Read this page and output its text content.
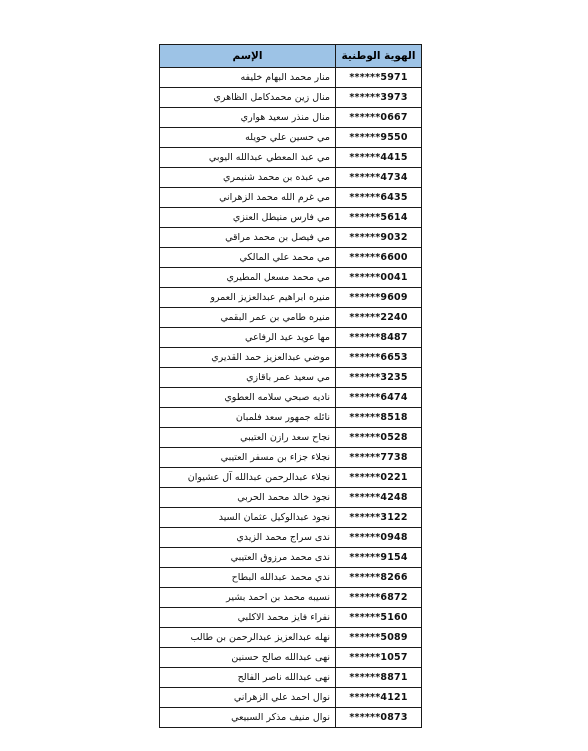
الهوية الوطنية	الإسم
******5971	منار محمد البهام خليفه
******3973	منال زين محمدكامل الظاهري
******0667	منال منذر سعيد هواري
******9550	مي حسين علي حويله
******4415	مي عبد المعطي عبدالله اليوبي
******4734	مي عبده بن محمد شنيمري
******6435	مي غرم الله محمد الزهراني
******5614	مي فارس منيطل العنزي
******9032	مي فيصل بن محمد مراقي
******6600	مي محمد علي المالكي
******0041	مي محمد مسعل المطيري
******9609	منيره ابراهيم عبدالعزيز العمرو
******2240	منيره طامي بن عمر البقمي
******8487	مها عويد عيد الرفاعي
******6653	موضي عبدالعزيز حمد القديري
******3235	مي سعيد عمر باقازي
******6474	ناديه صبحي سلامه العطوي
******8518	نائله جمهور سعد فلمبان
******0528	نجاح سعد رازن العتيبي
******7738	نجلاء جزاء بن مسفر العتيبي
******0221	نجلاء عبدالرحمن عبدالله آل عشيوان
******4248	نجود خالد محمد الحربي
******3122	نجود عبدالوكيل عثمان السيد
******0948	ندى سراج محمد الزيدي
******9154	ندى محمد مرزوق العتيبي
******8266	ندي محمد عبدالله البطاح
******6872	نسيبه محمد بن احمد بشير
******5160	نفراء فايز محمد الاكلبي
******5089	نهله عبدالعزيز عبدالرحمن بن طالب
******1057	نهى عبدالله صالح حسنين
******8871	نهى عبدالله ناصر الفالح
******4121	نوال احمد علي الزهراني
******0873	نوال منيف مذكر السبيعي
